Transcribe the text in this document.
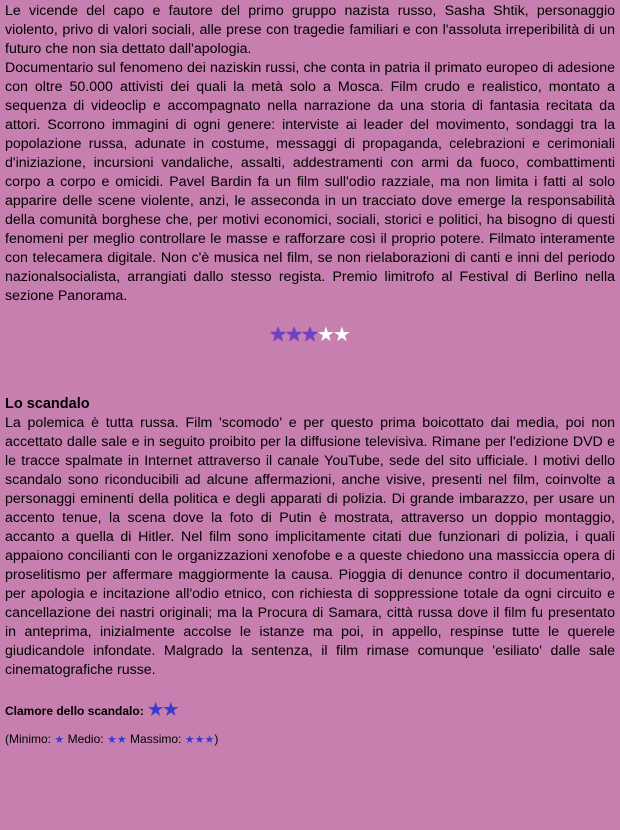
Le vicende del capo e fautore del primo gruppo nazista russo, Sasha Shtik, personaggio violento, privo di valori sociali, alle prese con tragedie familiari e con l'assoluta irreperibilità di un futuro che non sia dettato dall'apologia.

Documentario sul fenomeno dei naziskin russi, che conta in patria il primato europeo di adesione con oltre 50.000 attivisti dei quali la metà solo a Mosca. Film crudo e realistico, montato a sequenza di videoclip e accompagnato nella narrazione da una storia di fantasia recitata da attori. Scorrono immagini di ogni genere: interviste ai leader del movimento, sondaggi tra la popolazione russa, adunate in costume, messaggi di propaganda, celebrazioni e cerimoniali d'iniziazione, incursioni vandaliche, assalti, addestramenti con armi da fuoco, combattimenti corpo a corpo e omicidi. Pavel Bardin fa un film sull'odio razziale, ma non limita i fatti al solo apparire delle scene violente, anzi, le asseconda in un tracciato dove emerge la responsabilità della comunità borghese che, per motivi economici, sociali, storici e politici, ha bisogno di questi fenomeni per meglio controllare le masse e rafforzare così il proprio potere. Filmato interamente con telecamera digitale. Non c'è musica nel film, se non rielaborazioni di canti e inni del periodo nazionalsocialista, arrangiati dallo stesso regista. Premio limitrofo al Festival di Berlino nella sezione Panorama.

★★★★★
Lo scandalo

La polemica è tutta russa. Film 'scomodo' e per questo prima boicottato dai media, poi non accettato dalle sale e in seguito proibito per la diffusione televisiva. Rimane per l'edizione DVD e le tracce spalmate in Internet attraverso il canale YouTube, sede del sito ufficiale. I motivi dello scandalo sono riconducibili ad alcune affermazioni, anche visive, presenti nel film, coinvolte a personaggi eminenti della politica e degli apparati di polizia. Di grande imbarazzo, per usare un accento tenue, la scena dove la foto di Putin è mostrata, attraverso un doppio montaggio, accanto a quella di Hitler. Nel film sono implicitamente citati due funzionari di polizia, i quali appaiono concilianti con le organizzazioni xenofobe e a queste chiedono una massiccia opera di proselitismo per affermare maggiormente la causa. Pioggia di denunce contro il documentario, per apologia e incitazione all'odio etnico, con richiesta di soppressione totale da ogni circuito e cancellazione dei nastri originali; ma la Procura di Samara, città russa dove il film fu presentato in anteprima, inizialmente accolse le istanze ma poi, in appello, respinse tutte le querele giudicandole infondate. Malgrado la sentenza, il film rimase comunque 'esiliato' dalle sale cinematografiche russe.

Clamore dello scandalo: ★★
(Minimo: ★ Medio: ★★ Massimo: ★★★)
